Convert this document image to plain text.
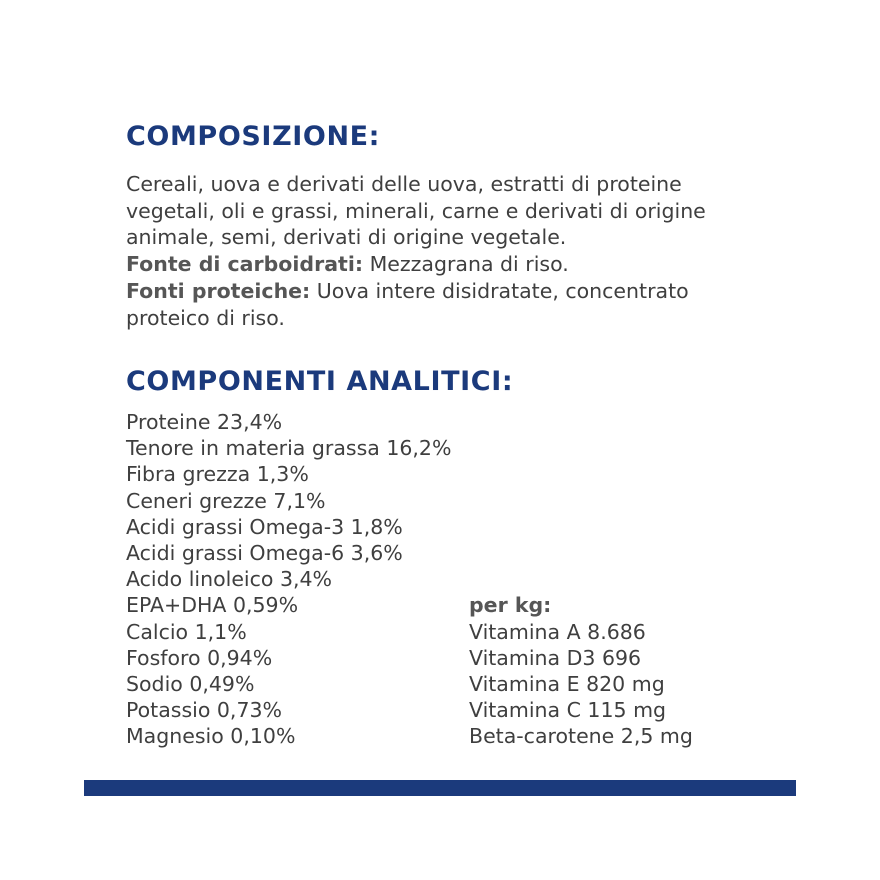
COMPOSIZIONE:

Cereali, uova e derivati delle uova, estratti di proteine vegetali, oli e grassi, minerali, carne e derivati di origine animale, semi, derivati di origine vegetale.

Fonte di carboidrati: Mezzagrana di riso.

Fonti proteiche: Uova intere disidratate, concentrato proteico di riso.

COMPONENTI ANALITICI:
Proteine 23,4%
Tenore in materia grassa 16,2%
Fibra grezza 1,3%
Ceneri grezze 7,1%
Acidi grassi Omega-3 1,8%
Acidi grassi Omega-6 3,6%
Acido linoleico 3,4%
EPA+DHA 0,59%
Calcio 1,1%
Fosforo 0,94%
Sodio 0,49%
Potassio 0,73%
Magnesio 0,10%
per kg:
Vitamina A 8.686
Vitamina D3 696
Vitamina E 820 mg
Vitamina C 115 mg
Beta-carotene 2,5 mg
